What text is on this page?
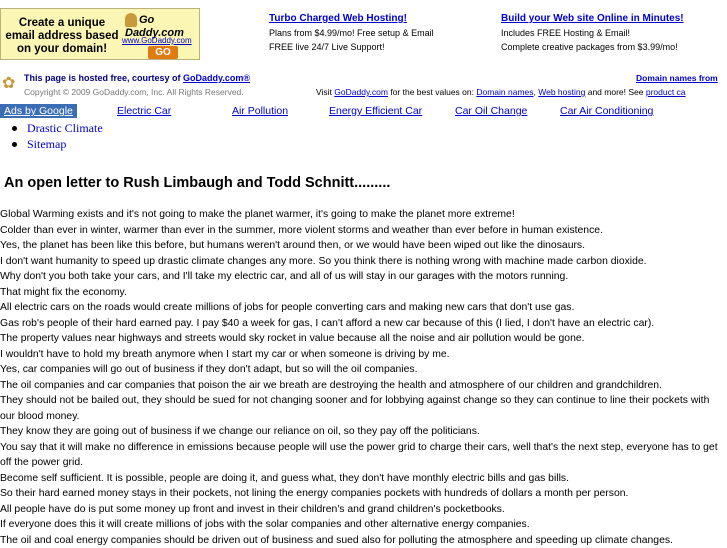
Create a unique email address based on your domain!
Go Daddy.com
www.GoDaddy.com
GO
Turbo Charged Web Hosting!
Plans from $4.99/mo! Free setup & Email
FREE live 24/7 Live Support!
Build your Web site Online in Minutes!
Includes FREE Hosting & Email!
Complete creative packages from $3.99/mo!
✿ This page is hosted free, courtesy of GoDaddy.com®
Copyright © 2009 GoDaddy.com, Inc. All Rights Reserved.
Domain names from
Visit GoDaddy.com for the best values on: Domain names, Web hosting and more! See product ca
Ads by Google	Electric Car	Air Pollution	Energy Efficient Car	Car Oil Change	Car Air Conditioning
Drastic Climate
Sitemap
An open letter to Rush Limbaugh and Todd Schnitt.........

Global Warming exists and it's not going to make the planet warmer, it's going to make the planet more extreme!

Colder than ever in winter, warmer than ever in the summer, more violent storms and weather than ever before in human existence.

Yes, the planet has been like this before, but humans weren't around then, or we would have been wiped out like the dinosaurs.

I don't want humanity to speed up drastic climate changes any more. So you think there is nothing wrong with machine made carbon dioxide.

Why don't you both take your cars, and I'll take my electric car, and all of us will stay in our garages with the motors running.

That might fix the economy.

All electric cars on the roads would create millions of jobs for people converting cars and making new cars that don't use gas.

Gas rob's people of their hard earned pay. I pay $40 a week for gas, I can't afford a new car because of this (I lied, I don't have an electric car).

The property values near highways and streets would sky rocket in value because all the noise and air pollution would be gone.

I wouldn't have to hold my breath anymore when I start my car or when someone is driving by me.

Yes, car companies will go out of business if they don't adapt, but so will the oil companies.

The oil companies and car companies that poison the air we breath are destroying the health and atmosphere of our children and grandchildren.

They should not be bailed out, they should be sued for not changing sooner and for lobbying against change so they can continue to line their pockets with our blood money.

They know they are going out of business if we change our reliance on oil, so they pay off the politicians.

You say that it will make no difference in emissions because people will use the power grid to charge their cars, well that's the next step, everyone has to get off the power grid.

Become self sufficient. It is possible, people are doing it, and guess what, they don't have monthly electric bills and gas bills.

So their hard earned money stays in their pockets, not lining the energy companies pockets with hundreds of dollars a month per person.

All people have do is put some money up front and invest in their children's and grand children's pocketbooks.

If everyone does this it will create millions of jobs with the solar companies and other alternative energy companies.

The oil and coal energy companies should be driven out of business and sued also for polluting the atmosphere and speeding up climate changes.
